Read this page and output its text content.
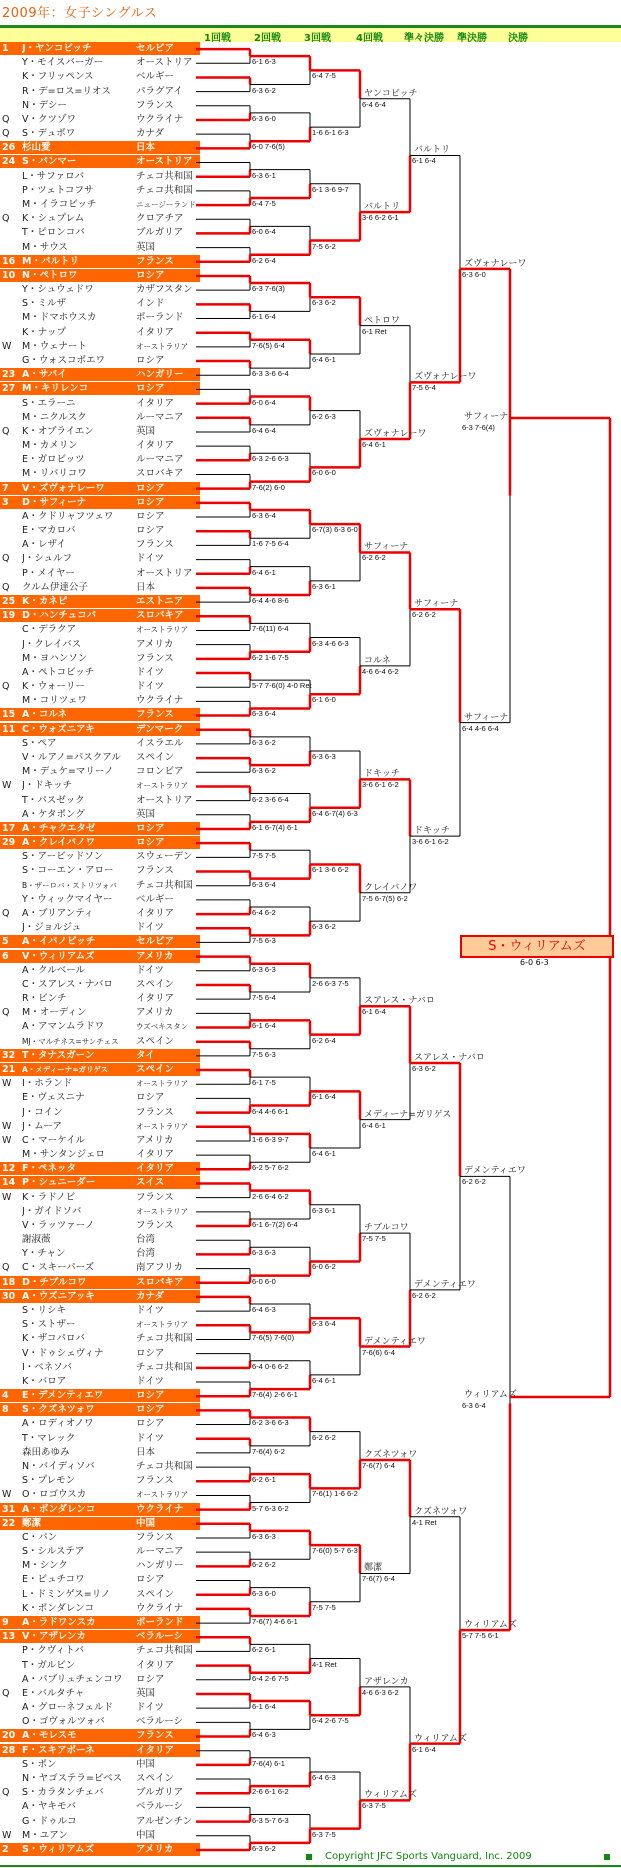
2009年：女子シングルス
1回戦 2回戦 3回戦	4回戦 準々決勝 準決勝 決勝
1	J・ヤンコビッチ	セルビア
Y・モイスバーガー	オーストリア
K・フリッペンス	ベルギー
R・デ=ロス=リオス	パラグアイ
N・デシー	フランス
Q	V・クツゾワ	ウクライナ
Q	S・デュボワ	カナダ
26 杉山愛	日本
24 S・バンマー	オーストリア
L・サファロバ	チェコ共和国
P・ツェトコフサ	チェコ共和国
M・イラコビッチ	ニュージーランド
Q	K・シュプレム	クロアチア
T・ピロンコバ	ブルガリア
M・サウス	英国
16 M・バルトリ	フランス
10 N・ペトロワ	ロシア
Y・シュウェドワ	カザフスタン
S・ミルザ	インド
M・ドマホウスカ	ポーランド
K・ナップ	イタリア
W	M・ウェナート	オーストラリア
G・ウォスコボエワ	ロシア
23 A・サバイ	ハンガリー
27 M・キリレンコ	ロシア
S・エラーニ	イタリア
M・ニクルスク	ルーマニア
Q	K・オブライエン	英国
M・カメリン	イタリア
E・ガロビッツ	ルーマニア
M・リバリコワ	スロバキア
7	V・ズヴォナレーワ	ロシア
3	D・サフィーナ	ロシア
A・クドリャフツェワ	ロシア
E・マカロバ	ロシア
A・レザイ	フランス
Q	J・シュルフ	ドイツ
P・メイヤー	オーストリア
Q	クルム伊達公子	日本
25 K・カネピ	エストニア
19 D・ハンチュコバ	スロバキア
C・デラクア	オーストラリア
J・クレイバス	アメリカ
M・ヨハンソン	フランス
A・ペトコビッチ	ドイツ
Q	K・ウォーリー	ドイツ
M・コリツェワ	ウクライナ
15 A・コルネ	フランス
11 C・ウォズニアキ	デンマーク
S・ペア	イスラエル
V・ルアノ=パスクアル	スペイン
M・デュケ=マリーノ	コロンビア
W	J・ドキッチ	オーストラリア
T・パスゼック	オーストリア
A・ケタポング	英国
17 A・チャクエタゼ	ロシア
29 A・クレイバノワ	ロシア
S・アービッドソン	スウェーデン
S・コーエン・アロー	フランス
B・ザーロバ・ストリツォバ	チェコ共和国
Y・ウィックマイヤー	ベルギー
Q	A・ブリアンティ	イタリア
J・ジョルジュ	ドイツ
5	A・イバノビッチ	セルビア
6	V・ウィリアムズ	アメリカ
A・クルベール	ドイツ
C・スアレス・ナバロ	スペイン
R・ビンチ	イタリア
Q	M・オーディン	アメリカ
A・アマンムラドワ	ウズベキスタン
MJ・マルチネス=サンチェス	スペイン
32 T・タナスガーン	タイ
21 A・メディーナ=ガリゲス	スペイン
W	I・ホランド	オーストラリア
E・ヴェスニナ	ロシア
J・コイン	フランス
W	J・ムーア	オーストラリア
W	C・マーケイル	アメリカ
M・サンタンジェロ	イタリア
12 F・ペネッタ	イタリア
14 P・シュニーダー	スイス
W	K・ラドノビ	フランス
J・ガイドソバ	オーストラリア
V・ラッツァーノ	フランス
謝淑薇	台湾
Y・チャン	台湾
Q	C・スキーパーズ	南アフリカ
18 D・チブルコワ	スロバキア
30 A・ウズニアッキ	カナダ
S・リシキ	ドイツ
S・ストザー	オーストラリア
K・ザコパロバ	チェコ共和国
V・ドゥシェヴィナ	ロシア
I・ベネソバ	チェコ共和国
K・バロア	ドイツ
4	E・デメンティエワ	ロシア
8	S・クズネツォワ	ロシア
A・ロディオノワ	ロシア
T・マレック	ドイツ
森田あゆみ	日本
N・バイディソバ	チェコ共和国
S・プレモン	フランス
W	O・ロゴウスカ	オーストラリア
31 A・ボンダレンコ	ウクライナ
22 鄭潔	中国
C・パン	フランス
S・シルステア	ルーマニア
M・シンク	ハンガリー
E・ビュチコワ	ロシア
L・ドミンゲス=リノ	スペイン
K・ボンダレンコ	ウクライナ
9	A・ラドワンスカ	ポーランド
13 V・アザレンカ	ベラルーシ
P・クヴィトバ	チェコ共和国
T・ガルビン	イタリア
A・パブリュチェンコワ	ロシア
Q	E・バルタチャ	英国
A・グローネフェルド	ドイツ
O・ゴヴォルツォバ	ベラルーシ
20 A・モレスモ	フランス
28 F・スキアボーネ	イタリア
S・ポン	中国
N・ヤゴステラ=ビベス	スペイン
Q	S・カラタンチェバ	ブルガリア
A・ヤキモバ	ベラルーシ
G・ドゥルコ	アルゼンチン
W	M・ユアン	中国
2	S・ウィリアムズ	アメリカ
6-1 6-3
6-3 6-2
6-3 6-0
6-0 7-6(5)
6-3 6-1
6-4 7-5
6-0 6-4
6-2 6-4
6-3 7-6(3)
6-1 6-4
7-6(5) 6-4
6-3 3-6 6-4
6-0 6-4
6-4 6-4
6-3 2-6 6-3
7-6(2) 6-0
6-3 6-4
1-6 7-5 6-4
6-4 6-1
6-4 4-6 8-6
7-6(11) 6-4
6-2 1-6 7-5
5-7 7-6(0) 4-0 Ret
6-3 6-4
6-3 6-2
6-3 6-2
6-2 3-6 6-4
6-1 6-7(4) 6-1
7-5 7-5
6-3 6-4
6-4 6-2
7-5 6-3
6-3 6-3
7-5 6-4
6-1 6-4
7-5 6-3
6-1 7-5
6-4 4-6 6-1
1-6 6-3 9-7
6-2 5-7 6-2
2-6 6-4 6-2
6-1 6-7(2) 6-4
6-3 6-3
6-0 6-0
6-4 6-3
7-6(5) 7-6(0)
6-4 0-6 6-2
7-6(4) 2-6 6-1
6-2 3-6 6-3
7-6(4) 6-2
6-2 6-1
5-7 6-3 6-2
6-3 6-3
6-2 6-2
6-3 6-0
7-6(7) 4-6 6-1
6-2 6-1
6-4 2-6 7-5
6-1 6-4
6-4 6-3
7-6(4) 6-1
2-6 6-1 6-2
6-3 5-7 6-3
6-3 6-2
6-4 7-5
1-6 6-1 6-3
6-1 3-6 9-7
7-5 6-2
6-3 6-2
6-4 6-1
6-2 6-3
6-0 6-0
6-7(3) 6-3 6-0
6-3 6-1
6-3 4-6 6-3
6-1 6-0
6-3 6-3
6-4 6-7(4) 6-3
6-1 3-6 6-2
6-3 6-2
2-6 6-3 7-5
6-2 6-4
6-1 6-4
6-4 6-1
6-3 6-1
6-0 6-2
6-3 6-4
6-4 6-1
6-2 6-2
7-6(1) 1-6 6-2
7-6(0) 5-7 6-3
7-5 7-5
4-1 Ret
6-4 2-6 7-5
6-4 6-3
6-3 7-5
ヤンコビッチ
6-4 6-4
バルトリ
3-6 6-2 6-1
ペトロワ
6-1 Ret
ズヴォナレーワ
6-4 6-1
サフィーナ
6-2 6-2
コルネ
4-6 6-4 6-2
ドキッチ
3-6 6-1 6-2
クレイバノワ
7-5 6-7(5) 6-2
スアレス・ナバロ
6-1 6-4
メディーナ=ガリゲス
6-4 6-1
チブルコワ
7-5 7-5
デメンティエワ
7-6(6) 6-4
クズネツォワ
7-6(7) 6-4
鄭潔
7-6(7) 6-4
アザレンカ
4-6 6-3 6-2
ウィリアムズ
6-3 7-5
バルトリ
6-1 6-4
ズヴォナレーワ
7-5 6-4
サフィーナ
6-2 6-2
ドキッチ
3-6 6-1 6-2
スアレス・ナバロ
6-3 6-2
デメンティエワ
6-2 6-2
クズネツォワ
4-1 Ret
ウィリアムズ
6-1 6-4
ズヴォナレーワ
6-3 6-0
サフィーナ
6-4 4-6 6-4
デメンティエワ
6-2 6-2
ウィリアムズ
5-7 7-5 6-1
サフィーナ
6-3 7-6(4)
ウィリアムズ
6-3 6-4
S・ウィリアムズ
6-0 6-3
Copyright JFC Sports Vanguard, Inc. 2009
